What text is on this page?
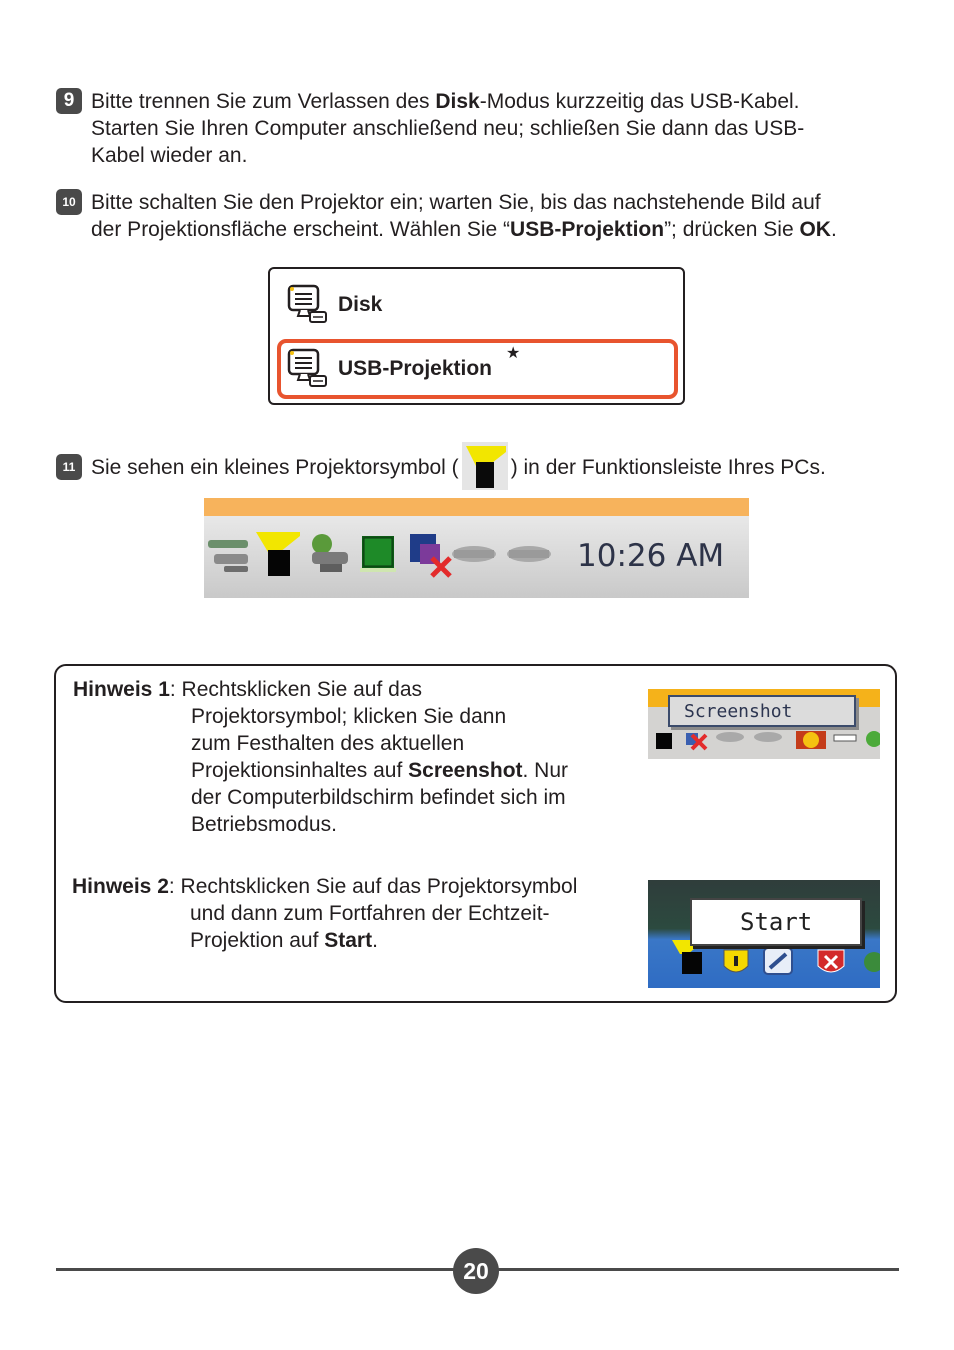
9 Bitte trennen Sie zum Verlassen des Disk-Modus kurzzeitig das USB-Kabel.
Starten Sie Ihren Computer anschließend neu; schließen Sie dann das USB-
Kabel wieder an.
10 Bitte schalten Sie den Projektor ein; warten Sie, bis das nachstehende Bild auf
der Projektionsfläche erscheint. Wählen Sie “USB-Projektion”; drücken Sie OK.
Disk
USB-Projektion
★
11 Sie sehen ein kleines Projektorsymbol ( ) in der Funktionsleiste Ihres PCs.
10:26 AM
Hinweis 1: Rechtsklicken Sie auf das
Projektorsymbol; klicken Sie dann
zum Festhalten des aktuellen
Projektionsinhaltes auf Screenshot. Nur
der Computerbildschirm befindet sich im
Betriebsmodus.
Hinweis 2: Rechtsklicken Sie auf das Projektorsymbol
und dann zum Fortfahren der Echtzeit-
Projektion auf Start.
Screenshot
Start
20
